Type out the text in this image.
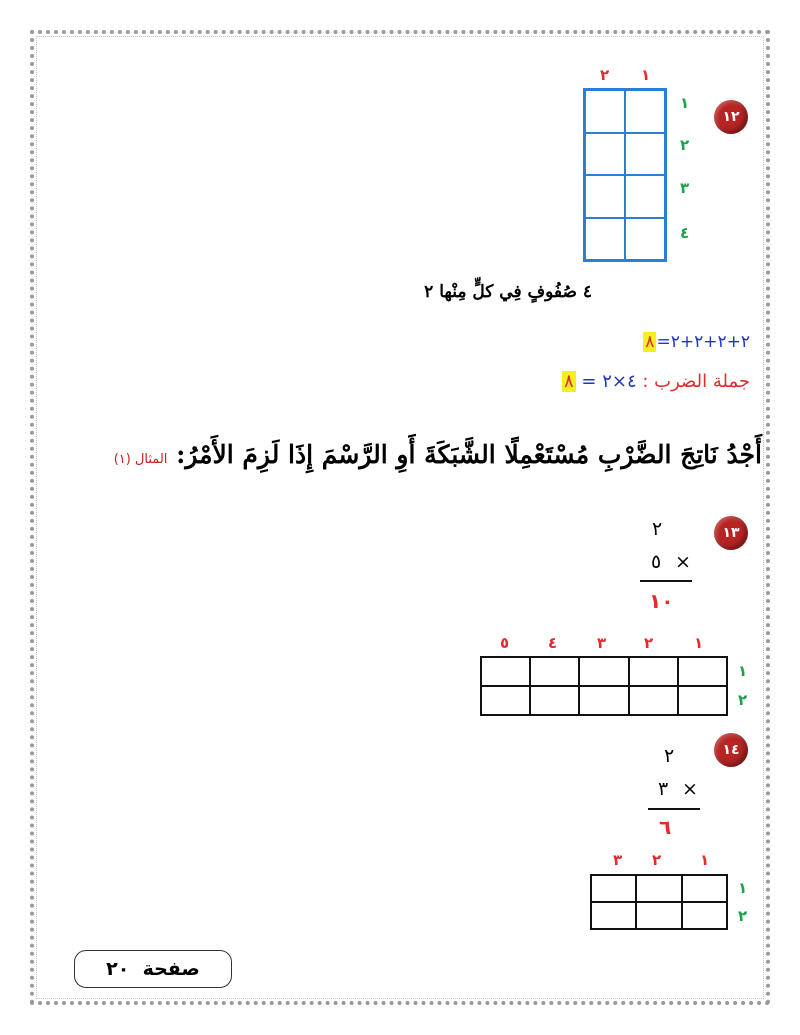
١٢
١
٢
١
٢
٣
٤
٤ صُفُوفٍ فِي كلٍّ مِنْها ٢
٨ ٢+٢+٢+٢=
جملة الضرب : ٤×٢ = ٨
أَجْدُ نَاتِجَ الضَّرْبِ مُسْتَعْمِلًا الشَّبَكَةَ أَوِ الرَّسْمَ إِذَا لَزِمَ الأَمْرُ: المثال (١)
١٣
٢
٥ ×
١٠
١
٢
٣
٤
٥
١
٢
١٤
٢
٣ ×
٦
١
٢
٣
١
٢
صفحة

٢٠
